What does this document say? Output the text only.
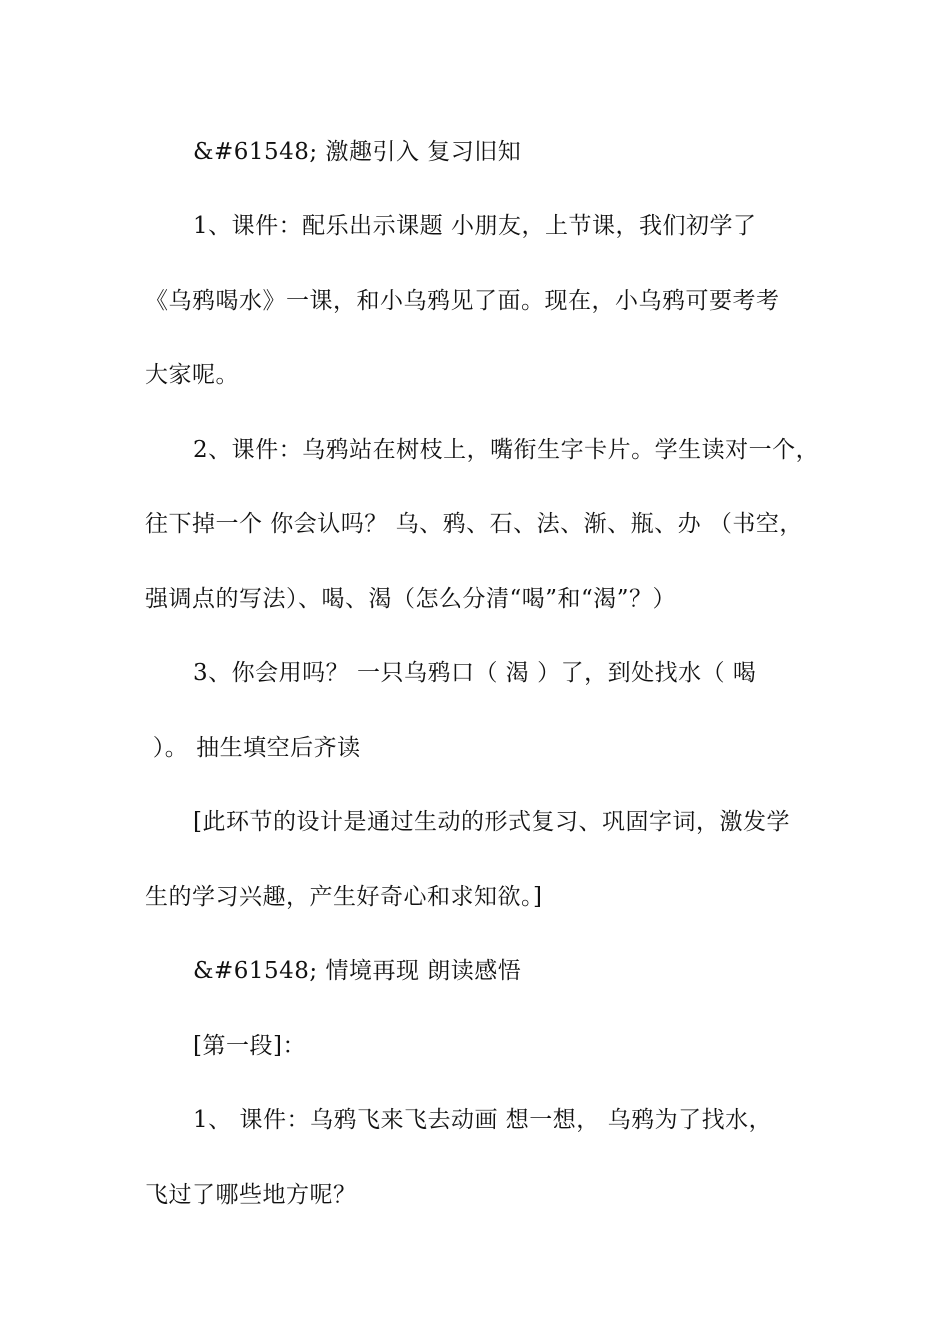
&#61548; 激趣引入 复习旧知
1、课件：配乐出示课题 小朋友，上节课，我们初学了
《乌鸦喝水》一课，和小乌鸦见了面。现在，小乌鸦可要考考
大家呢。
2、课件：乌鸦站在树枝上，嘴衔生字卡片。学生读对一个，
往下掉一个 你会认吗？ 乌、鸦、石、法、渐、瓶、办 （书空，
强调点的写法）、喝、渴（怎么分清“喝”和“渴”？）
3、你会用吗？ 一只乌鸦口（ 渴 ）了，到处找水（ 喝
）。 抽生填空后齐读
[此环节的设计是通过生动的形式复习、巩固字词，激发学
生的学习兴趣，产生好奇心和求知欲。]
&#61548; 情境再现 朗读感悟
[第一段]：
1、 课件：乌鸦飞来飞去动画 想一想， 乌鸦为了找水，
飞过了哪些地方呢？
